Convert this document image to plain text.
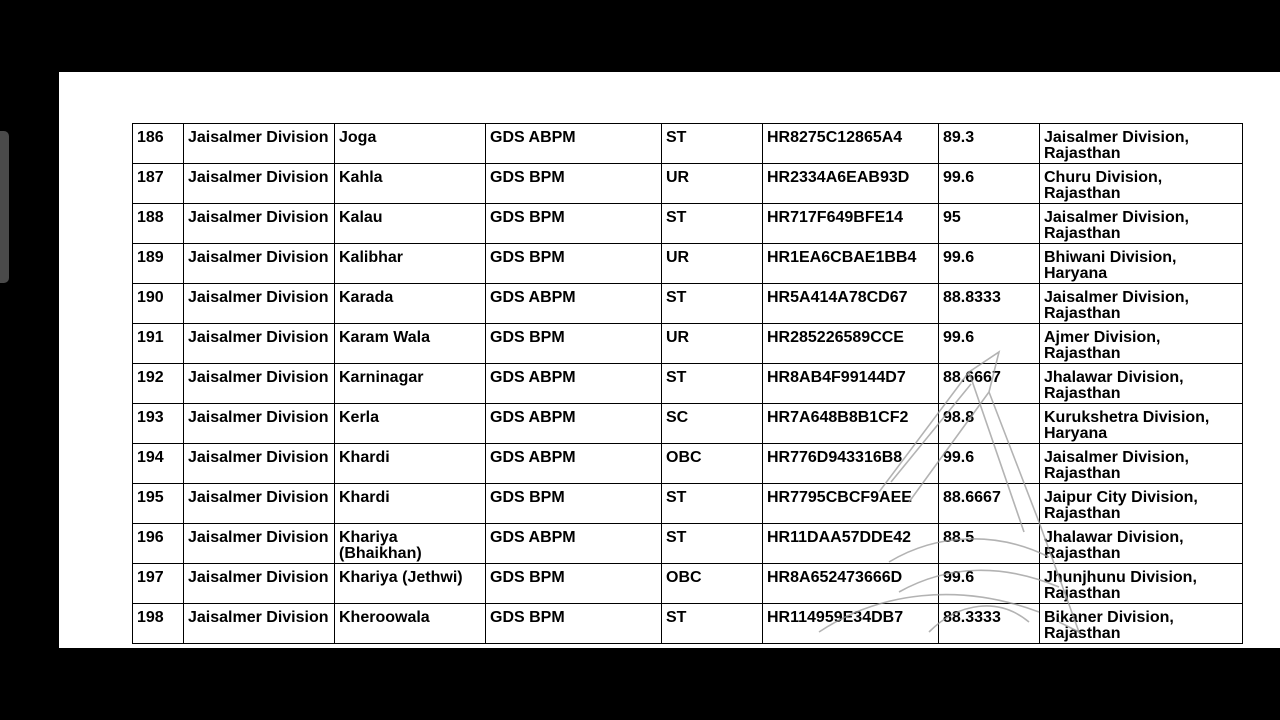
186	Jaisalmer Division	Joga	GDS ABPM	ST	HR8275C12865A4	89.3	Jaisalmer Division, Rajasthan
187	Jaisalmer Division	Kahla	GDS BPM	UR	HR2334A6EAB93D	99.6	Churu Division, Rajasthan
188	Jaisalmer Division	Kalau	GDS BPM	ST	HR717F649BFE14	95	Jaisalmer Division, Rajasthan
189	Jaisalmer Division	Kalibhar	GDS BPM	UR	HR1EA6CBAE1BB4	99.6	Bhiwani Division, Haryana
190	Jaisalmer Division	Karada	GDS ABPM	ST	HR5A414A78CD67	88.8333	Jaisalmer Division, Rajasthan
191	Jaisalmer Division	Karam Wala	GDS BPM	UR	HR285226589CCE	99.6	Ajmer Division, Rajasthan
192	Jaisalmer Division	Karninagar	GDS ABPM	ST	HR8AB4F99144D7	88.6667	Jhalawar Division, Rajasthan
193	Jaisalmer Division	Kerla	GDS ABPM	SC	HR7A648B8B1CF2	98.8	Kurukshetra Division, Haryana
194	Jaisalmer Division	Khardi	GDS ABPM	OBC	HR776D943316B8	99.6	Jaisalmer Division, Rajasthan
195	Jaisalmer Division	Khardi	GDS BPM	ST	HR7795CBCF9AEE	88.6667	Jaipur City Division, Rajasthan
196	Jaisalmer Division	Khariya (Bhaikhan)	GDS ABPM	ST	HR11DAA57DDE42	88.5	Jhalawar Division, Rajasthan
197	Jaisalmer Division	Khariya (Jethwi)	GDS BPM	OBC	HR8A652473666D	99.6	Jhunjhunu Division, Rajasthan
198	Jaisalmer Division	Kheroowala	GDS BPM	ST	HR114959E34DB7	88.3333	Bikaner Division, Rajasthan
